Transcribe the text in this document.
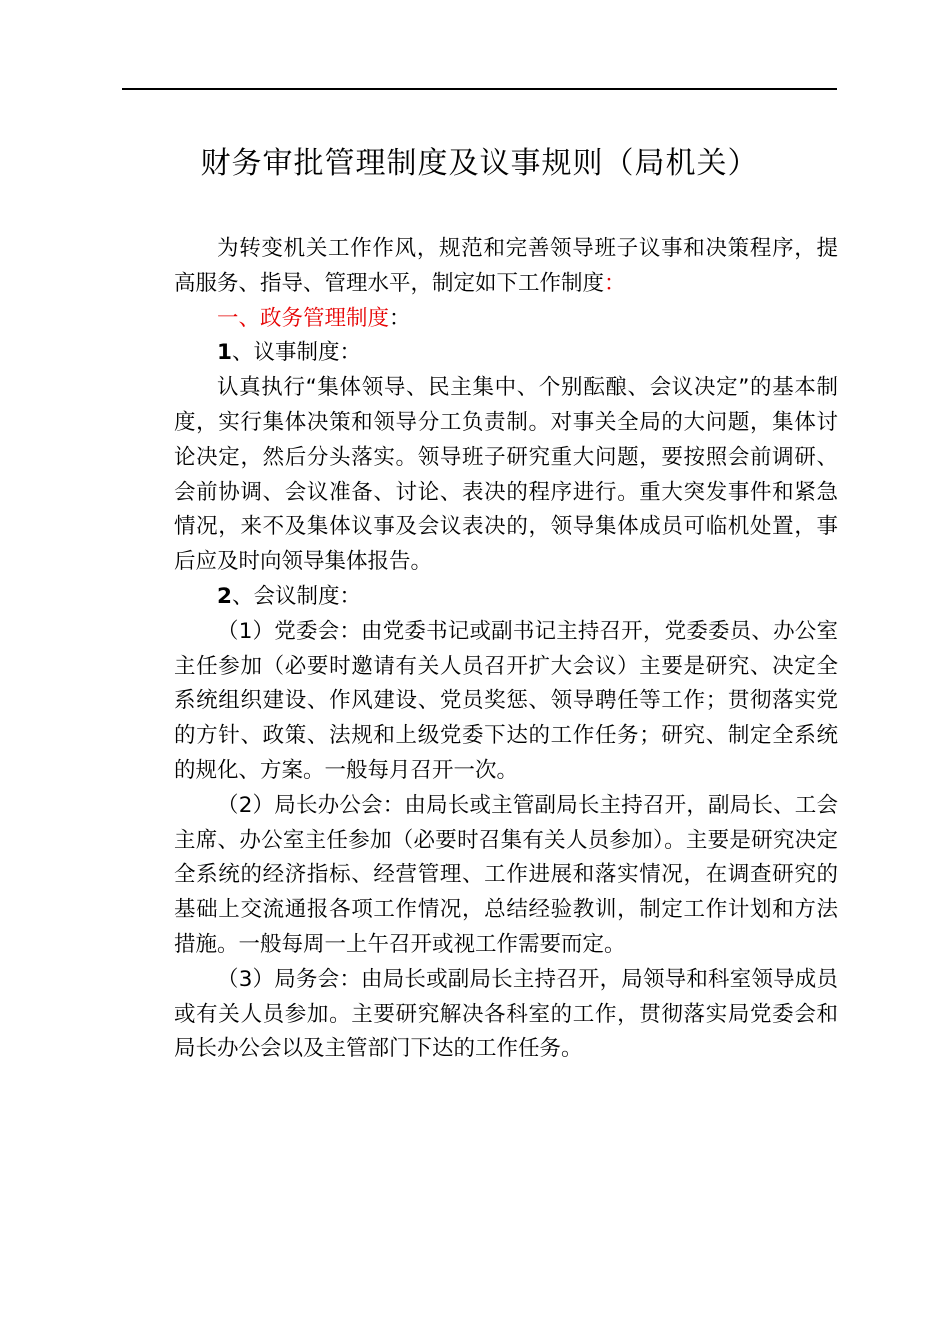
财务审批管理制度及议事规则（局机关）

为转变机关工作作风，规范和完善领导班子议事和决策程序，提高服务、指导、管理水平，制定如下工作制度：

一、政务管理制度：

1、议事制度：

认真执行“集体领导、民主集中、个别酝酿、会议决定”的基本制度，实行集体决策和领导分工负责制。对事关全局的大问题，集体讨论决定，然后分头落实。领导班子研究重大问题，要按照会前调研、会前协调、会议准备、讨论、表决的程序进行。重大突发事件和紧急情况，来不及集体议事及会议表决的，领导集体成员可临机处置，事后应及时向领导集体报告。

2、会议制度：

（1）党委会：由党委书记或副书记主持召开，党委委员、办公室主任参加（必要时邀请有关人员召开扩大会议）主要是研究、决定全系统组织建设、作风建设、党员奖惩、领导聘任等工作；贯彻落实党的方针、政策、法规和上级党委下达的工作任务；研究、制定全系统的规化、方案。一般每月召开一次。

（2）局长办公会：由局长或主管副局长主持召开，副局长、工会主席、办公室主任参加（必要时召集有关人员参加）。主要是研究决定全系统的经济指标、经营管理、工作进展和落实情况，在调查研究的基础上交流通报各项工作情况，总结经验教训，制定工作计划和方法措施。一般每周一上午召开或视工作需要而定。

（3）局务会：由局长或副局长主持召开，局领导和科室领导成员或有关人员参加。主要研究解决各科室的工作，贯彻落实局党委会和局长办公会以及主管部门下达的工作任务。
